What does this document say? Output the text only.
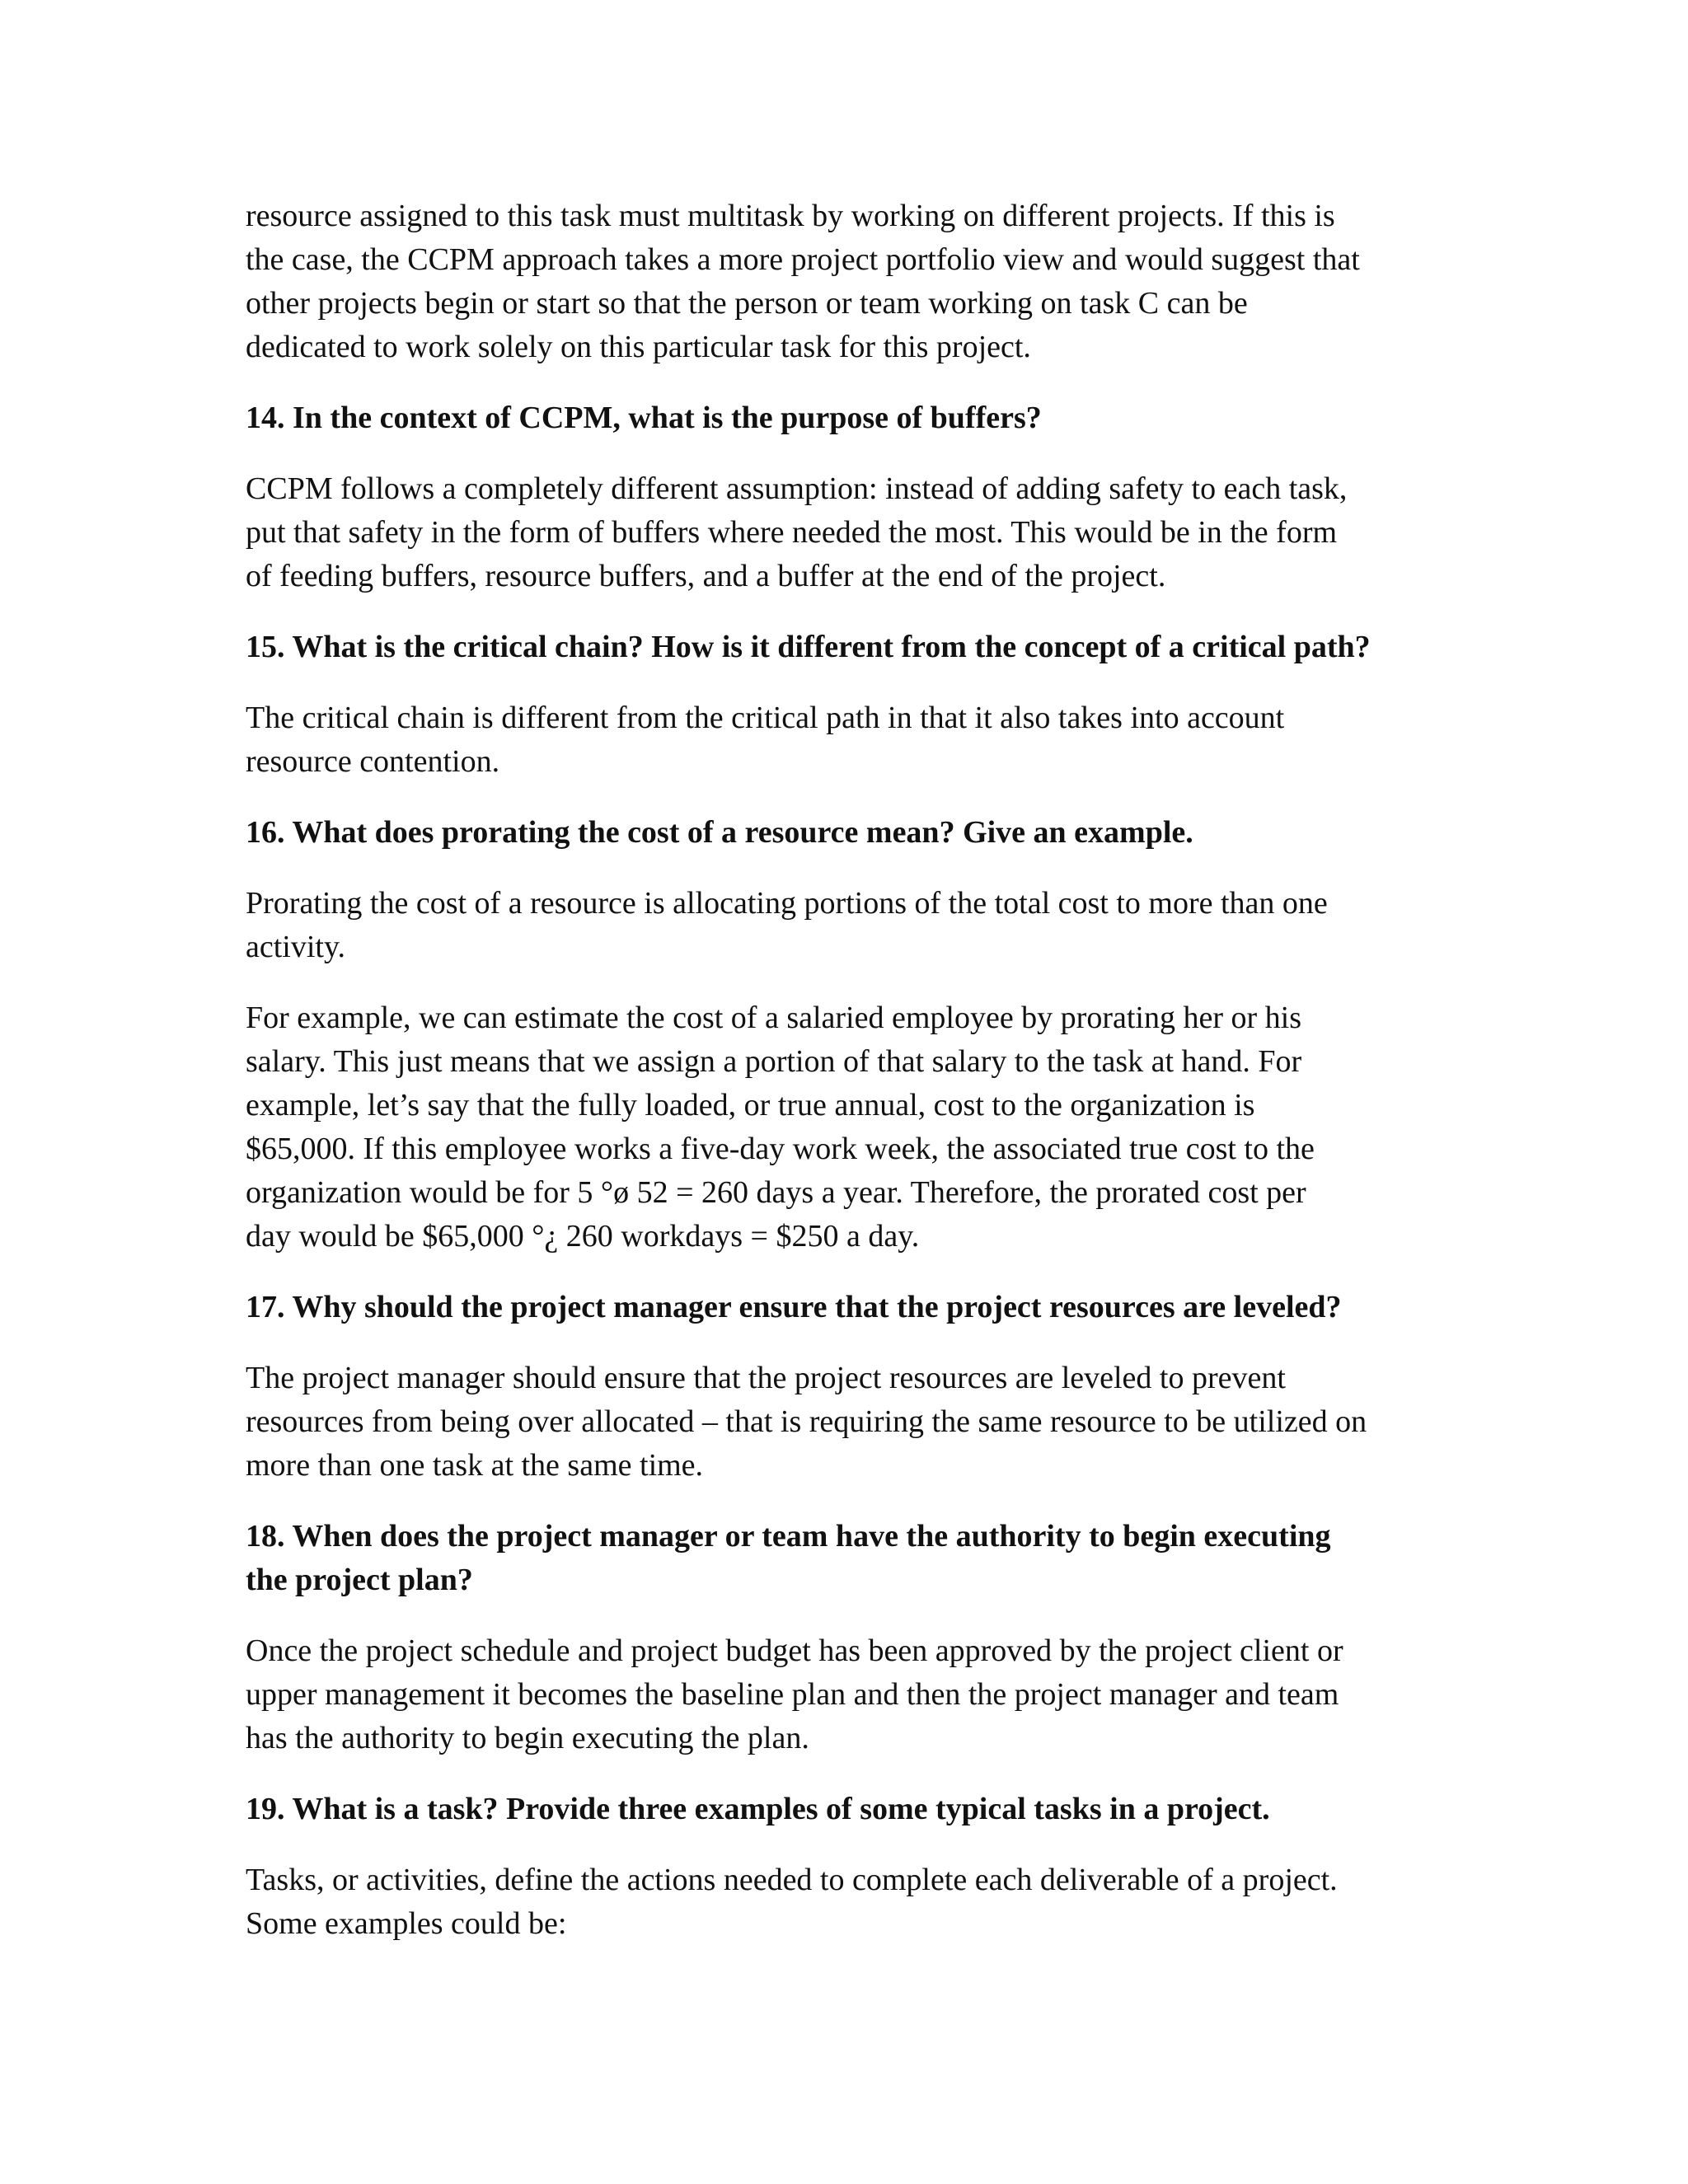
resource assigned to this task must multitask by working on different projects. If this is
the case, the CCPM approach takes a more project portfolio view and would suggest that
other projects begin or start so that the person or team working on task C can be
dedicated to work solely on this particular task for this project.

14. In the context of CCPM, what is the purpose of buffers?

CCPM follows a completely different assumption: instead of adding safety to each task,
put that safety in the form of buffers where needed the most. This would be in the form
of feeding buffers, resource buffers, and a buffer at the end of the project.

15. What is the critical chain? How is it different from the concept of a critical path?

The critical chain is different from the critical path in that it also takes into account
resource contention.

16. What does prorating the cost of a resource mean? Give an example.

Prorating the cost of a resource is allocating portions of the total cost to more than one
activity.

For example, we can estimate the cost of a salaried employee by prorating her or his
salary. This just means that we assign a portion of that salary to the task at hand. For
example, let’s say that the fully loaded, or true annual, cost to the organization is
$65,000. If this employee works a five-day work week, the associated true cost to the
organization would be for 5 °ø 52 = 260 days a year. Therefore, the prorated cost per
day would be $65,000 °¿ 260 workdays = $250 a day.

17. Why should the project manager ensure that the project resources are leveled?

The project manager should ensure that the project resources are leveled to prevent
resources from being over allocated – that is requiring the same resource to be utilized on
more than one task at the same time.

18. When does the project manager or team have the authority to begin executing
the project plan?

Once the project schedule and project budget has been approved by the project client or
upper management it becomes the baseline plan and then the project manager and team
has the authority to begin executing the plan.

19. What is a task? Provide three examples of some typical tasks in a project.

Tasks, or activities, define the actions needed to complete each deliverable of a project.
Some examples could be:
